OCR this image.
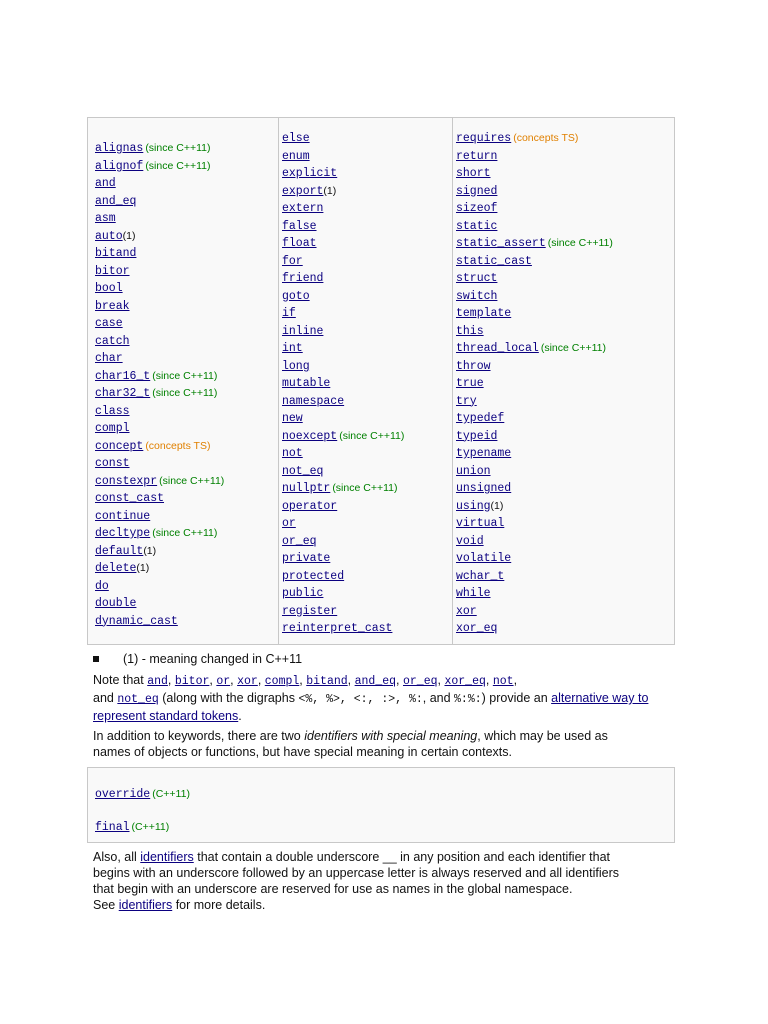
alignas (since C++11)
alignof (since C++11)
and
and_eq
asm
auto(1)
bitand
bitor
bool
break
case
catch
char
char16_t (since C++11)
char32_t (since C++11)
class
compl
concept (concepts TS)
const
constexpr (since C++11)
const_cast
continue
decltype (since C++11)
default(1)
delete(1)
do
double
dynamic_cast
else
enum
explicit
export(1)
extern
false
float
for
friend
goto
if
inline
int
long
mutable
namespace
new
noexcept (since C++11)
not
not_eq
nullptr (since C++11)
operator
or
or_eq
private
protected
public
register
reinterpret_cast
requires (concepts TS)
return
short
signed
sizeof
static
static_assert (since C++11)
static_cast
struct
switch
template
this
thread_local (since C++11)
throw
true
try
typedef
typeid
typename
union
unsigned
using(1)
virtual
void
volatile
wchar_t
while
xor
xor_eq
(1) - meaning changed in C++11
Note that and, bitor, or, xor, compl, bitand, and_eq, or_eq, xor_eq, not,
and not_eq (along with the digraphs <%, %>, <:, :>, %:, and %:%:) provide an alternative way to
represent standard tokens.
In addition to keywords, there are two identifiers with special meaning, which may be used as
names of objects or functions, but have special meaning in certain contexts.
override (C++11)
final (C++11)
Also, all identifiers that contain a double underscore __ in any position and each identifier that
begins with an underscore followed by an uppercase letter is always reserved and all identifiers
that begin with an underscore are reserved for use as names in the global namespace.
See identifiers for more details.
